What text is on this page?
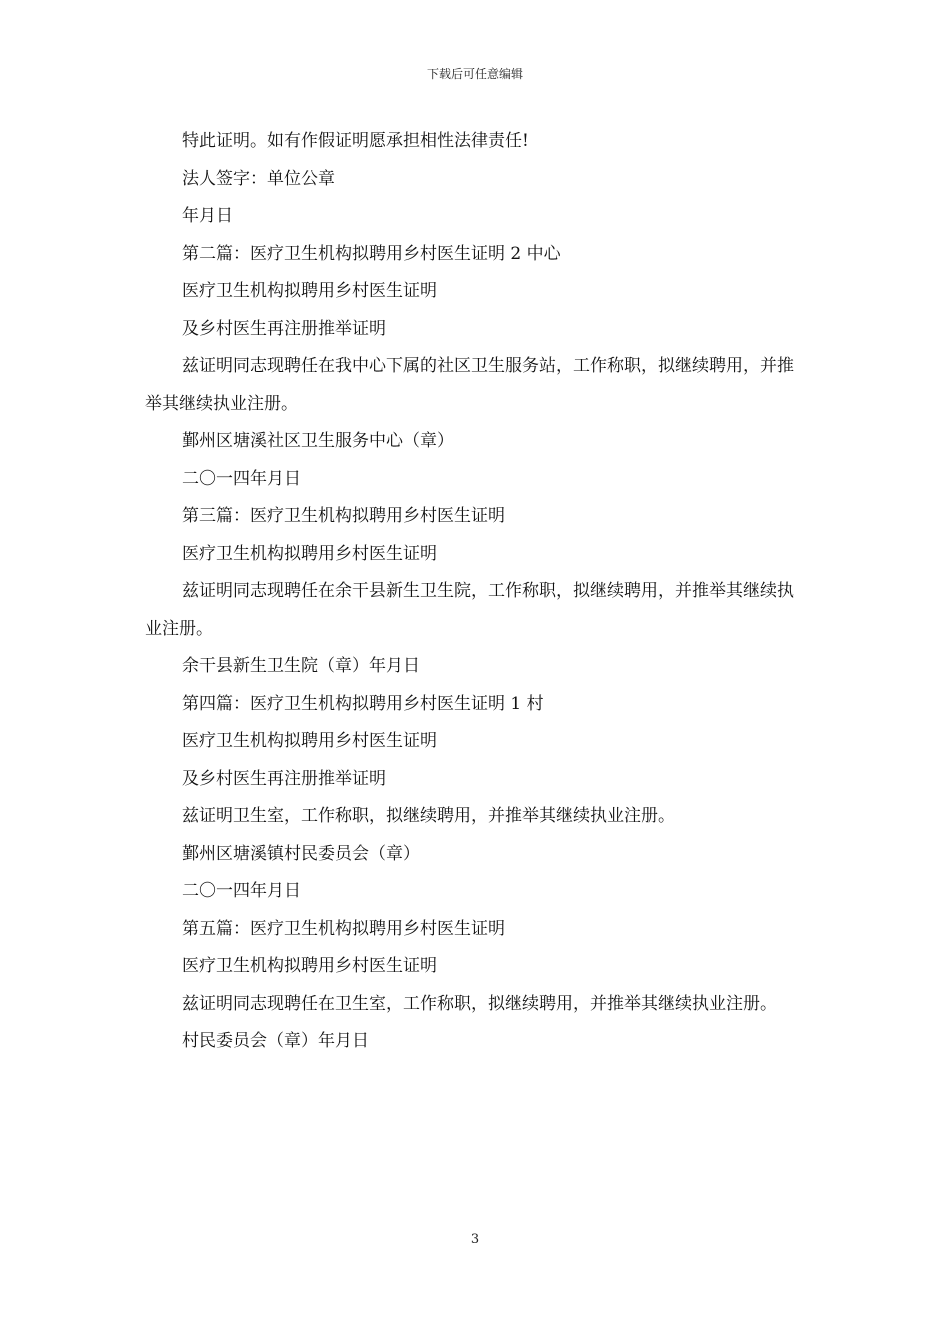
下载后可任意编辑

特此证明。如有作假证明愿承担相性法律责任!

法人签字：单位公章

年月日

第二篇：医疗卫生机构拟聘用乡村医生证明 2 中心

医疗卫生机构拟聘用乡村医生证明

及乡村医生再注册推举证明

兹证明同志现聘任在我中心下属的社区卫生服务站，工作称职，拟继续聘用，并推举其继续执业注册。

鄞州区塘溪社区卫生服务中心（章）

二〇一四年月日

第三篇：医疗卫生机构拟聘用乡村医生证明

医疗卫生机构拟聘用乡村医生证明

兹证明同志现聘任在余干县新生卫生院，工作称职，拟继续聘用，并推举其继续执业注册。

余干县新生卫生院（章）年月日

第四篇：医疗卫生机构拟聘用乡村医生证明 1 村

医疗卫生机构拟聘用乡村医生证明

及乡村医生再注册推举证明

兹证明卫生室，工作称职，拟继续聘用，并推举其继续执业注册。

鄞州区塘溪镇村民委员会（章）

二〇一四年月日

第五篇：医疗卫生机构拟聘用乡村医生证明

医疗卫生机构拟聘用乡村医生证明

兹证明同志现聘任在卫生室，工作称职，拟继续聘用，并推举其继续执业注册。

村民委员会（章）年月日

3
